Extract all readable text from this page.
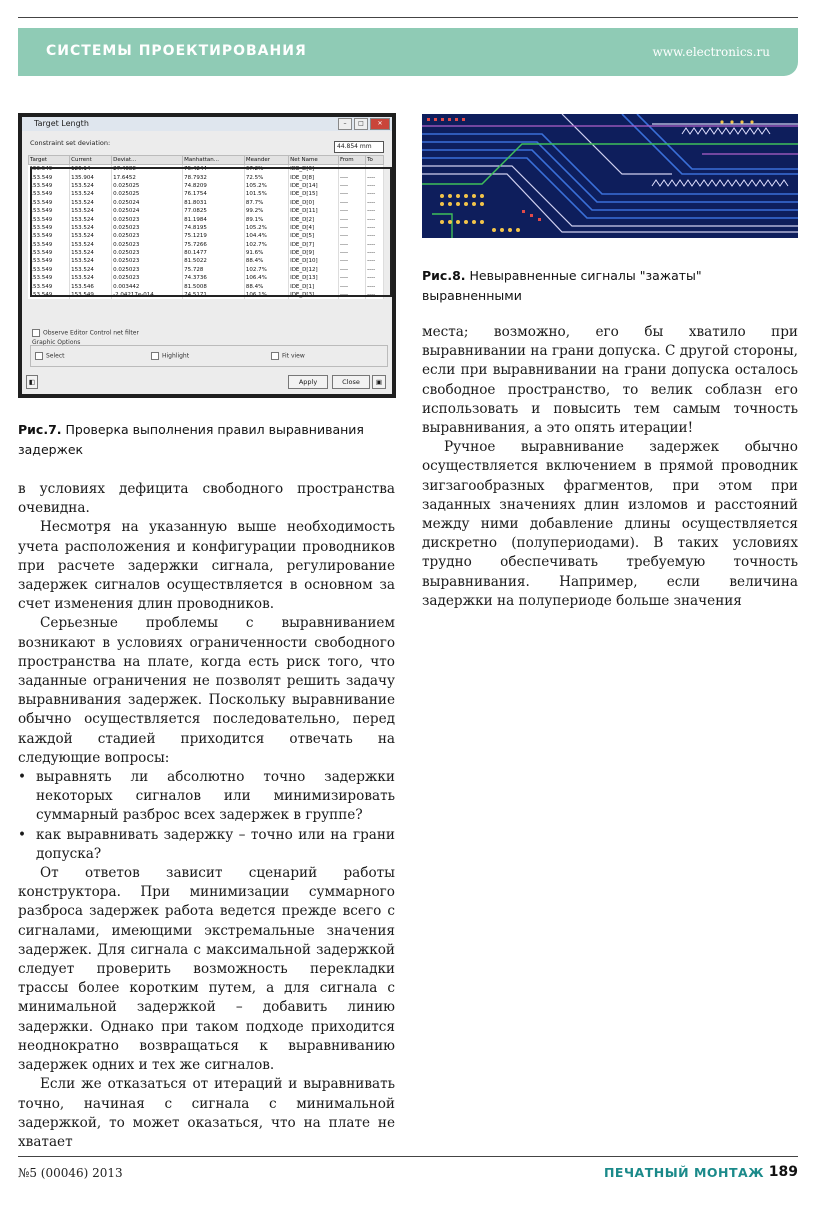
СИСТЕМЫ ПРОЕКТИРОВАНИЯ	www.electronics.ru
Target Length	–	□	✕
Constraint set deviation:	44.854 mm
Target	Current	Deviat...	Manhattan...	Meander	Net Name	From	To
153.549	126.14	27.4088	75.4244	67.2%	IDE_D[6]	----	----
153.549	135.904	17.6452	78.7932	72.5%	IDE_D[8]	----	----
153.549	153.524	0.025025	74.8209	105.2%	IDE_D[14]	----	----
153.549	153.524	0.025025	76.1754	101.5%	IDE_D[15]	----	----
153.549	153.524	0.025024	81.8031	87.7%	IDE_D[0]	----	----
153.549	153.524	0.025024	77.0825	99.2%	IDE_D[11]	----	----
153.549	153.524	0.025023	81.1984	89.1%	IDE_D[2]	----	----
153.549	153.524	0.025023	74.8195	105.2%	IDE_D[4]	----	----
153.549	153.524	0.025023	75.1219	104.4%	IDE_D[5]	----	----
153.549	153.524	0.025023	75.7266	102.7%	IDE_D[7]	----	----
153.549	153.524	0.025023	80.1477	91.6%	IDE_D[9]	----	----
153.549	153.524	0.025023	81.5022	88.4%	IDE_D[10]	----	----
153.549	153.524	0.025023	75.728	102.7%	IDE_D[12]	----	----
153.549	153.524	0.025023	74.3736	106.4%	IDE_D[13]	----	----
153.549	153.546	0.003442	81.5008	88.4%	IDE_D[1]	----	----
153.549	153.549	-2.04217e-014	74.5171	106.1%	IDE_D[3]	----	----
Observe Editor Control net filter
Graphic Options
Select	Highlight	Fit view
◧	Apply	Close	▣
Рис.8. Невыравненные сигналы "зажаты" выравненными
Рис.7. Проверка выполнения правил выравнивания задержек

в условиях дефицита свободного пространства очевидна.

Несмотря на указанную выше необходимость учета расположения и конфигурации проводников при расчете задержки сигнала, регулирование задержек сигналов осуществляется в основном за счет изменения длин проводников.

Серьезные проблемы с выравниванием возникают в условиях ограниченности свободного пространства на плате, когда есть риск того, что заданные ограничения не позволят решить задачу выравнивания задержек. Поскольку выравнивание обычно осуществляется последовательно, перед каждой стадией приходится отвечать на следующие вопросы:

• выравнять ли абсолютно точно задержки некоторых сигналов или минимизировать суммарный разброс всех задержек в группе?
• как выравнивать задержку – точно или на грани допуска?

От ответов зависит сценарий работы конструктора. При минимизации суммарного разброса задержек работа ведется прежде всего с сигналами, имеющими экстремальные значения задержек. Для сигнала с максимальной задержкой следует проверить возможность перекладки трассы более коротким путем, а для сигнала с минимальной задержкой – добавить линию задержки. Однако при таком подходе приходится неоднократно возвращаться к выравниванию задержек одних и тех же сигналов.

Если же отказаться от итераций и выравнивать точно, начиная с сигнала с минимальной задержкой, то может оказаться, что на плате не хватает

места; возможно, его бы хватило при выравнивании на грани допуска. С другой стороны, если при выравнивании на грани допуска осталось свободное пространство, то велик соблазн его использовать и повысить тем самым точность выравнивания, а это опять итерации!

Ручное выравнивание задержек обычно осуществляется включением в прямой проводник зигзагообразных фрагментов, при этом при заданных значениях длин изломов и расстояний между ними добавление длины осуществляется дискретно (полупериодами). В таких условиях трудно обеспечивать требуемую точность выравнивания. Например, если величина задержки на полупериоде больше значения

№5 (00046) 2013	ПЕЧАТНЫЙ МОНТАЖ 189
